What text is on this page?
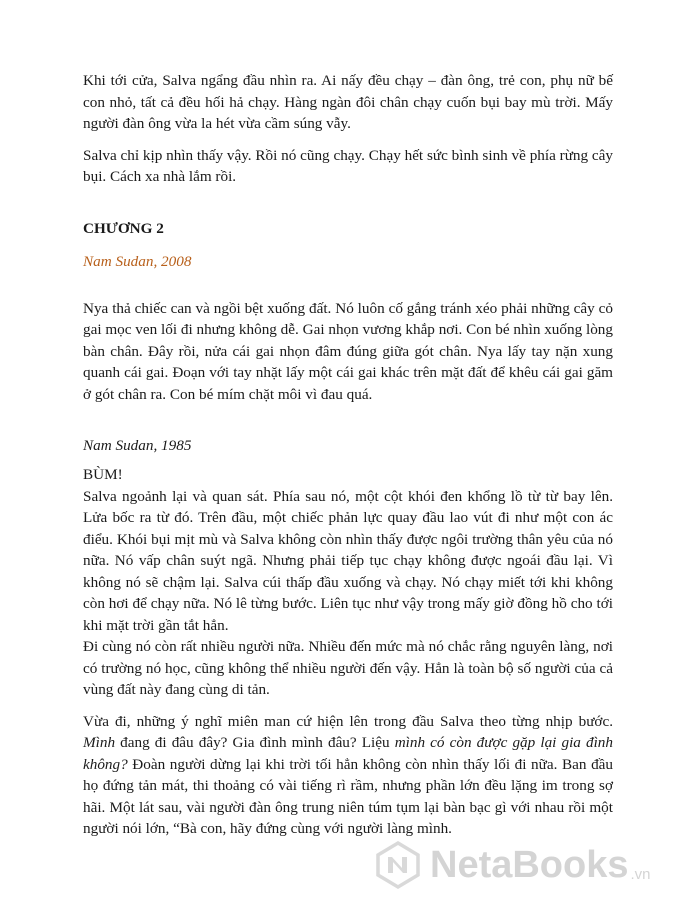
Khi tới cửa, Salva ngẩng đầu nhìn ra. Ai nấy đều chạy – đàn ông, trẻ con, phụ nữ bế con nhỏ, tất cả đều hối hả chạy. Hàng ngàn đôi chân chạy cuốn bụi bay mù trời. Mấy người đàn ông vừa la hét vừa cầm súng vẫy.

Salva chỉ kịp nhìn thấy vậy. Rồi nó cũng chạy. Chạy hết sức bình sinh về phía rừng cây bụi. Cách xa nhà lắm rồi.

CHƯƠNG 2
Nam Sudan, 2008

Nya thả chiếc can và ngồi bệt xuống đất. Nó luôn cố gắng tránh xéo phải những cây cỏ gai mọc ven lối đi nhưng không dễ. Gai nhọn vương khắp nơi. Con bé nhìn xuống lòng bàn chân. Đây rồi, nửa cái gai nhọn đâm đúng giữa gót chân. Nya lấy tay nặn xung quanh cái gai. Đoạn với tay nhặt lấy một cái gai khác trên mặt đất để khêu cái gai găm ở gót chân ra. Con bé mím chặt môi vì đau quá.

Nam Sudan, 1985

BÙM!

Salva ngoảnh lại và quan sát. Phía sau nó, một cột khói đen khổng lồ từ từ bay lên. Lửa bốc ra từ đó. Trên đầu, một chiếc phản lực quay đầu lao vút đi như một con ác điểu. Khói bụi mịt mù và Salva không còn nhìn thấy được ngôi trường thân yêu của nó nữa. Nó vấp chân suýt ngã. Nhưng phải tiếp tục chạy không được ngoái đầu lại. Vì không nó sẽ chậm lại. Salva cúi thấp đầu xuống và chạy. Nó chạy miết tới khi không còn hơi để chạy nữa. Nó lê từng bước. Liên tục như vậy trong mấy giờ đồng hồ cho tới khi mặt trời gần tắt hẳn.

Đi cùng nó còn rất nhiều người nữa. Nhiều đến mức mà nó chắc rằng nguyên làng, nơi có trường nó học, cũng không thể nhiều người đến vậy. Hẳn là toàn bộ số người của cả vùng đất này đang cùng di tản.

Vừa đi, những ý nghĩ miên man cứ hiện lên trong đầu Salva theo từng nhịp bước. Mình đang đi đâu đây? Gia đình mình đâu? Liệu mình có còn được gặp lại gia đình không? Đoàn người dừng lại khi trời tối hẳn không còn nhìn thấy lối đi nữa. Ban đầu họ đứng tản mát, thi thoảng có vài tiếng rì rầm, nhưng phần lớn đều lặng im trong sợ hãi. Một lát sau, vài người đàn ông trung niên túm tụm lại bàn bạc gì với nhau rồi một người nói lớn, “Bà con, hãy đứng cùng với người làng mình.

NetaBooks .vn
